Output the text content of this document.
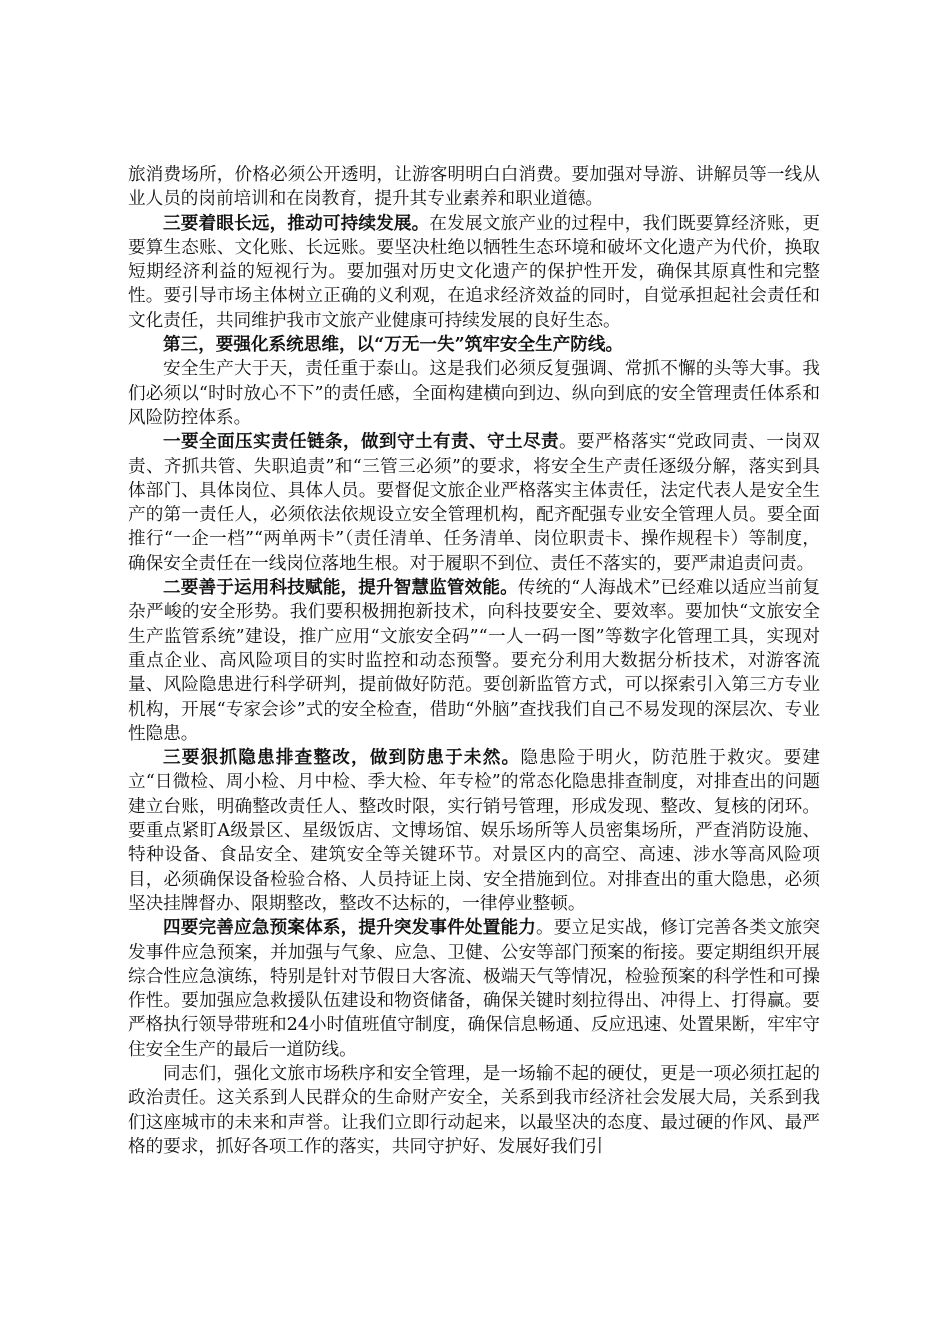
旅消费场所，价格必须公开透明，让游客明明白白消费。要加强对导游、讲解员等一线从业人员的岗前培训和在岗教育，提升其专业素养和职业道德。

三要着眼长远，推动可持续发展。在发展文旅产业的过程中，我们既要算经济账，更要算生态账、文化账、长远账。要坚决杜绝以牺牲生态环境和破坏文化遗产为代价，换取短期经济利益的短视行为。要加强对历史文化遗产的保护性开发，确保其原真性和完整性。要引导市场主体树立正确的义利观，在追求经济效益的同时，自觉承担起社会责任和文化责任，共同维护我市文旅产业健康可持续发展的良好生态。

第三，要强化系统思维，以“万无一失”筑牢安全生产防线。

安全生产大于天，责任重于泰山。这是我们必须反复强调、常抓不懈的头等大事。我们必须以“时时放心不下”的责任感，全面构建横向到边、纵向到底的安全管理责任体系和风险防控体系。

一要全面压实责任链条，做到守土有责、守土尽责。要严格落实“党政同责、一岗双责、齐抓共管、失职追责”和“三管三必须”的要求，将安全生产责任逐级分解，落实到具体部门、具体岗位、具体人员。要督促文旅企业严格落实主体责任，法定代表人是安全生产的第一责任人，必须依法依规设立安全管理机构，配齐配强专业安全管理人员。要全面推行“一企一档”“两单两卡”（责任清单、任务清单、岗位职责卡、操作规程卡）等制度，确保安全责任在一线岗位落地生根。对于履职不到位、责任不落实的，要严肃追责问责。

二要善于运用科技赋能，提升智慧监管效能。传统的“人海战术”已经难以适应当前复杂严峻的安全形势。我们要积极拥抱新技术，向科技要安全、要效率。要加快“文旅安全生产监管系统”建设，推广应用“文旅安全码”“一人一码一图”等数字化管理工具，实现对重点企业、高风险项目的实时监控和动态预警。要充分利用大数据分析技术，对游客流量、风险隐患进行科学研判，提前做好防范。要创新监管方式，可以探索引入第三方专业机构，开展“专家会诊”式的安全检查，借助“外脑”查找我们自己不易发现的深层次、专业性隐患。

三要狠抓隐患排查整改，做到防患于未然。隐患险于明火，防范胜于救灾。要建立“日微检、周小检、月中检、季大检、年专检”的常态化隐患排查制度，对排查出的问题建立台账，明确整改责任人、整改时限，实行销号管理，形成发现、整改、复核的闭环。要重点紧盯A级景区、星级饭店、文博场馆、娱乐场所等人员密集场所，严查消防设施、特种设备、食品安全、建筑安全等关键环节。对景区内的高空、高速、涉水等高风险项目，必须确保设备检验合格、人员持证上岗、安全措施到位。对排查出的重大隐患，必须坚决挂牌督办、限期整改，整改不达标的，一律停业整顿。

四要完善应急预案体系，提升突发事件处置能力。要立足实战，修订完善各类文旅突发事件应急预案，并加强与气象、应急、卫健、公安等部门预案的衔接。要定期组织开展综合性应急演练，特别是针对节假日大客流、极端天气等情况，检验预案的科学性和可操作性。要加强应急救援队伍建设和物资储备，确保关键时刻拉得出、冲得上、打得赢。要严格执行领导带班和24小时值班值守制度，确保信息畅通、反应迅速、处置果断，牢牢守住安全生产的最后一道防线。

同志们，强化文旅市场秩序和安全管理，是一场输不起的硬仗，更是一项必须扛起的政治责任。这关系到人民群众的生命财产安全，关系到我市经济社会发展大局，关系到我们这座城市的未来和声誉。让我们立即行动起来，以最坚决的态度、最过硬的作风、最严格的要求，抓好各项工作的落实，共同守护好、发展好我们引
